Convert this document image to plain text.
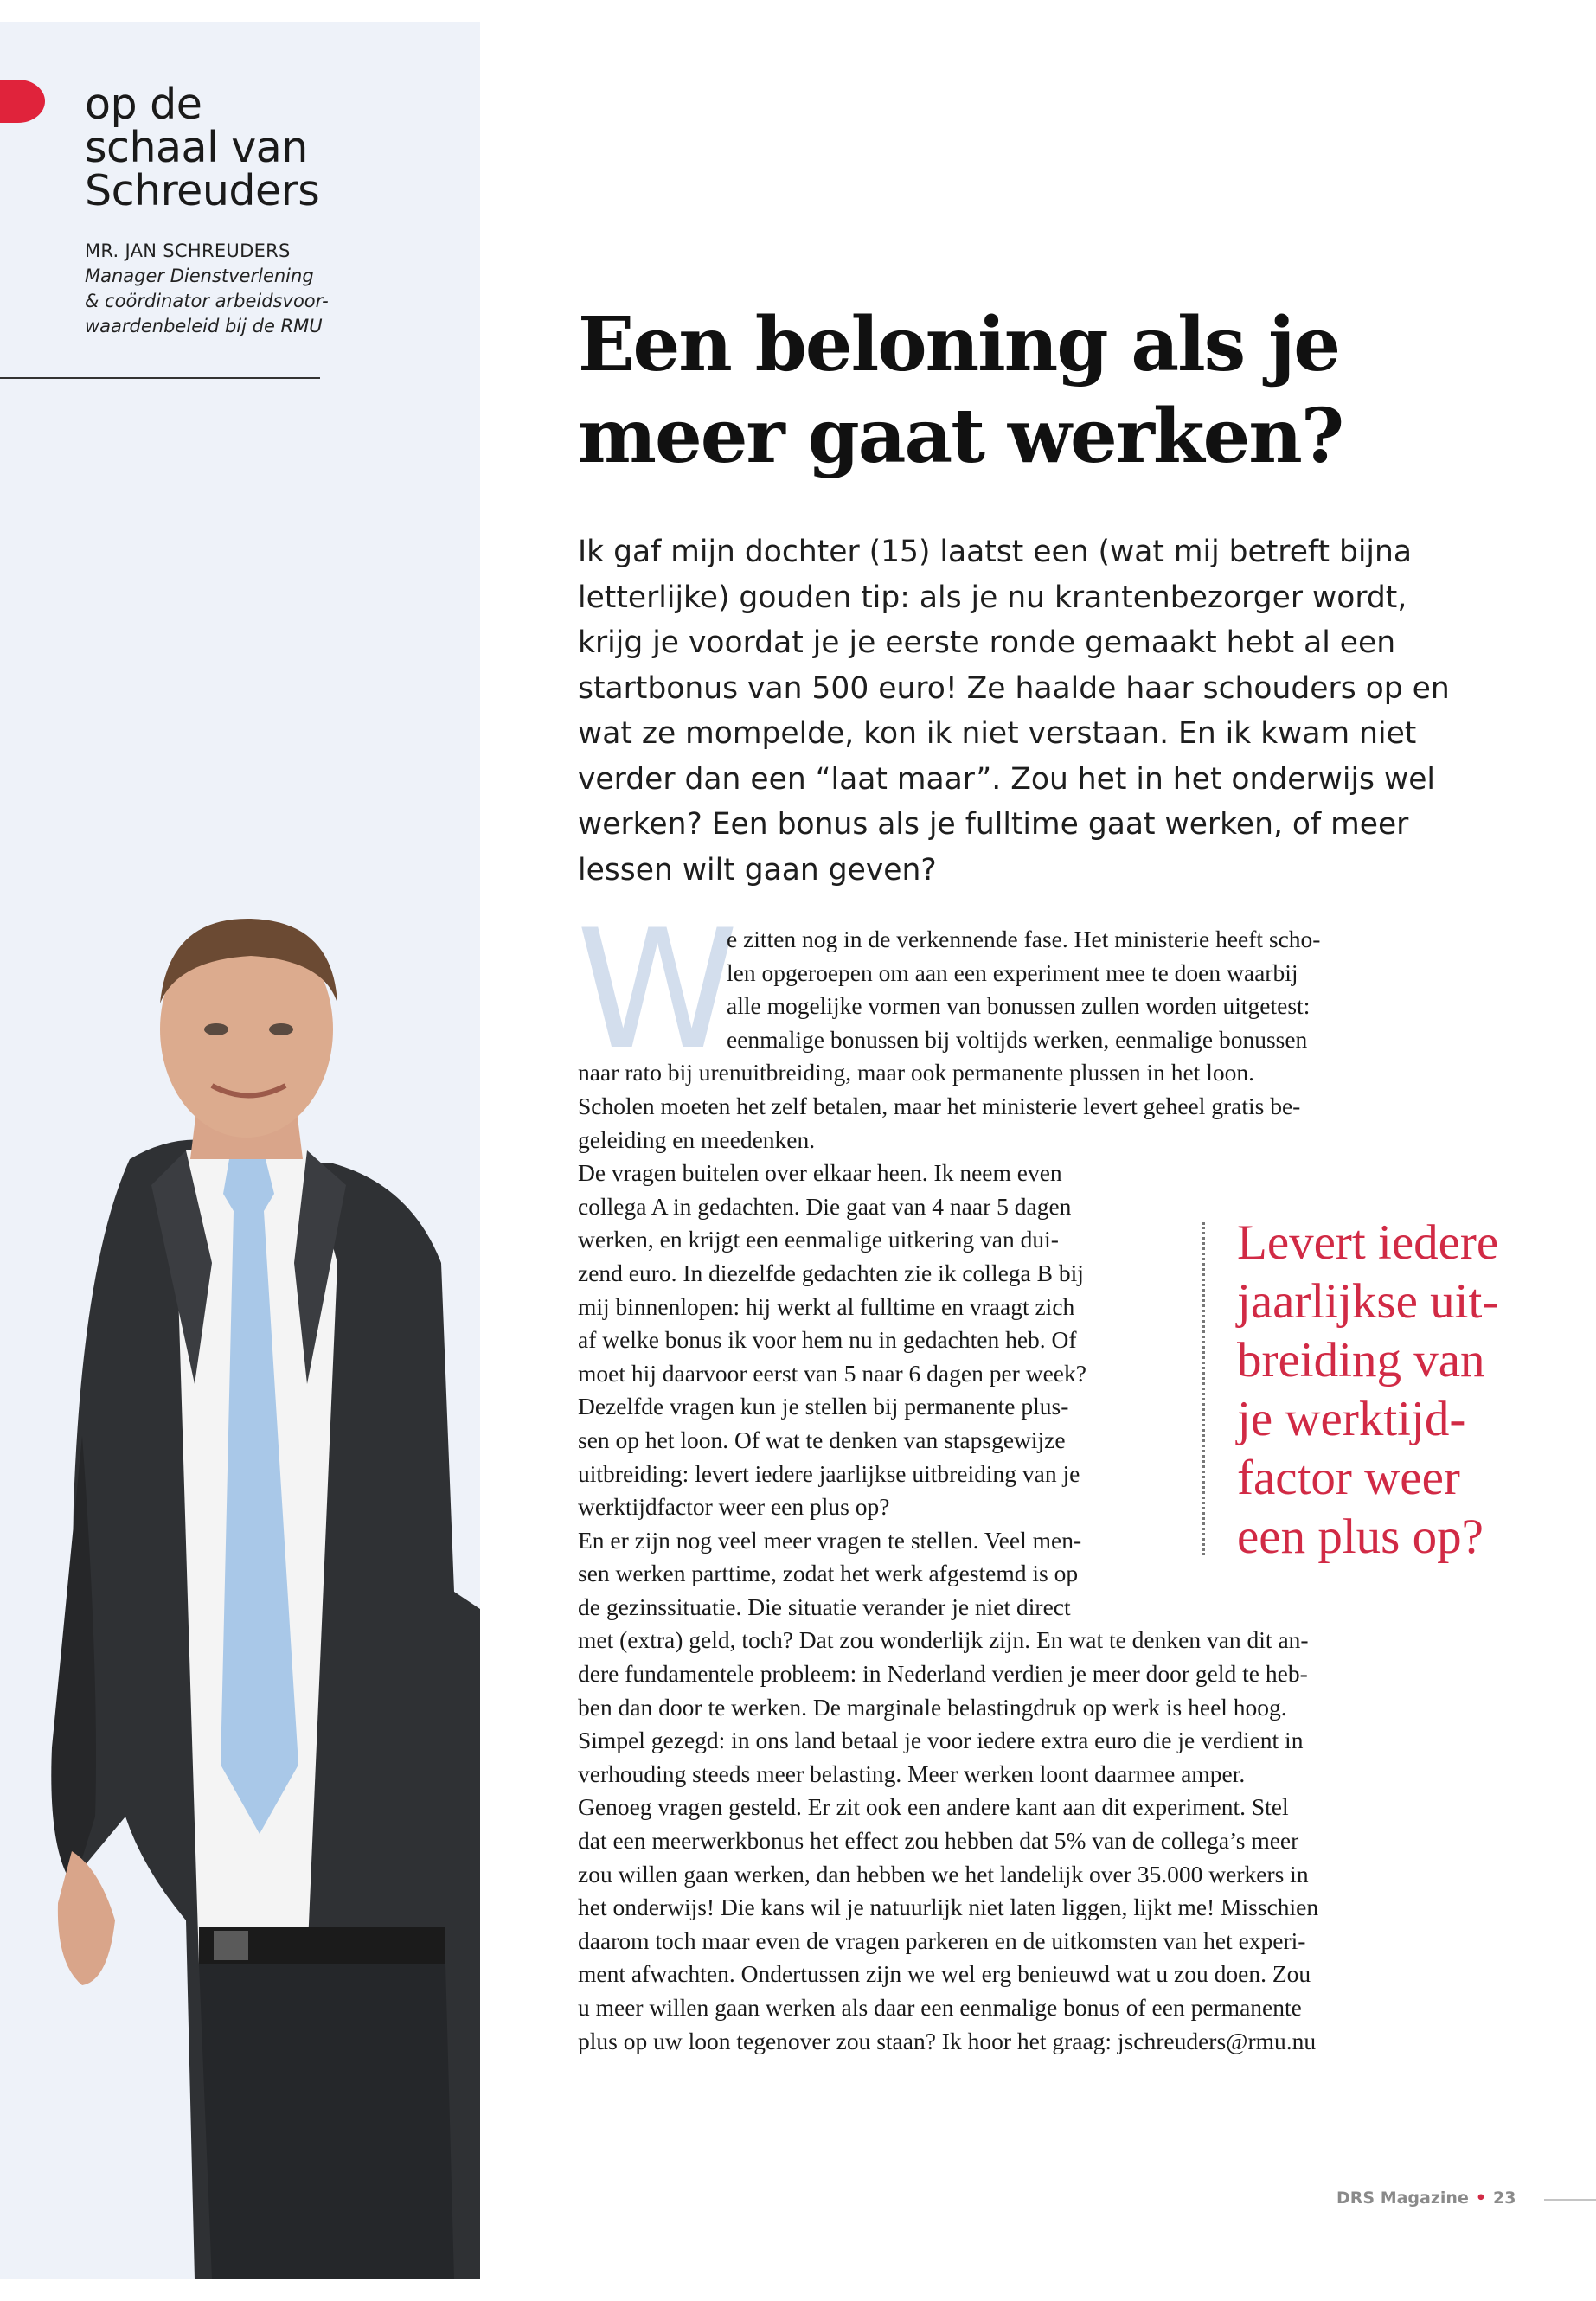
op de
schaal van
Schreuders
MR. JAN SCHREUDERS
Manager Dienstverlening
& coördinator arbeidsvoor-
waardenbeleid bij de RMU	Een beloning als je
meer gaat werken?
Ik gaf mijn dochter (15) laatst een (wat mij betreft bijna
letterlijke) gouden tip: als je nu krantenbezorger wordt,
krijg je voordat je je eerste ronde gemaakt hebt al een
startbonus van 500 euro! Ze haalde haar schouders op en
wat ze mompelde, kon ik niet verstaan. En ik kwam niet
verder dan een “laat maar”. Zou het in het onderwijs wel
werken? Een bonus als je fulltime gaat werken, of meer
lessen wilt gaan geven?
W
e zitten nog in de verkennende fase. Het ministerie heeft scho-
len opgeroepen om aan een experiment mee te doen waarbij
alle mogelijke vormen van bonussen zullen worden uitgetest:
eenmalige bonussen bij voltijds werken, eenmalige bonussen
naar rato bij urenuitbreiding, maar ook permanente plussen in het loon.
Scholen moeten het zelf betalen, maar het ministerie levert geheel gratis be-
geleiding en meedenken.
De vragen buitelen over elkaar heen. Ik neem even
collega A in gedachten. Die gaat van 4 naar 5 dagen
werken, en krijgt een eenmalige uitkering van dui-
zend euro. In diezelfde gedachten zie ik collega B bij
mij binnenlopen: hij werkt al fulltime en vraagt zich
af welke bonus ik voor hem nu in gedachten heb. Of
moet hij daarvoor eerst van 5 naar 6 dagen per week?
Dezelfde vragen kun je stellen bij permanente plus-
sen op het loon. Of wat te denken van stapsgewijze
uitbreiding: levert iedere jaarlijkse uitbreiding van je
werktijdfactor weer een plus op?
En er zijn nog veel meer vragen te stellen. Veel men-
sen werken parttime, zodat het werk afgestemd is op
de gezinssituatie. Die situatie verander je niet direct
met (extra) geld, toch? Dat zou wonderlijk zijn. En wat te denken van dit an-
dere fundamentele probleem: in Nederland verdien je meer door geld te heb-
ben dan door te werken. De marginale belastingdruk op werk is heel hoog.
Simpel gezegd: in ons land betaal je voor iedere extra euro die je verdient in
verhouding steeds meer belasting. Meer werken loont daarmee amper.
Genoeg vragen gesteld. Er zit ook een andere kant aan dit experiment. Stel
dat een meerwerkbonus het effect zou hebben dat 5% van de collega’s meer
zou willen gaan werken, dan hebben we het landelijk over 35.000 werkers in
het onderwijs! Die kans wil je natuurlijk niet laten liggen, lijkt me! Misschien
daarom toch maar even de vragen parkeren en de uitkomsten van het experi-
ment afwachten. Ondertussen zijn we wel erg benieuwd wat u zou doen. Zou
u meer willen gaan werken als daar een eenmalige bonus of een permanente
plus op uw loon tegenover zou staan? Ik hoor het graag: jschreuders@rmu.nu
Levert iedere
jaarlijkse uit-
breiding van
je werktijd-
factor weer
een plus op?
DRS Magazine • 23
